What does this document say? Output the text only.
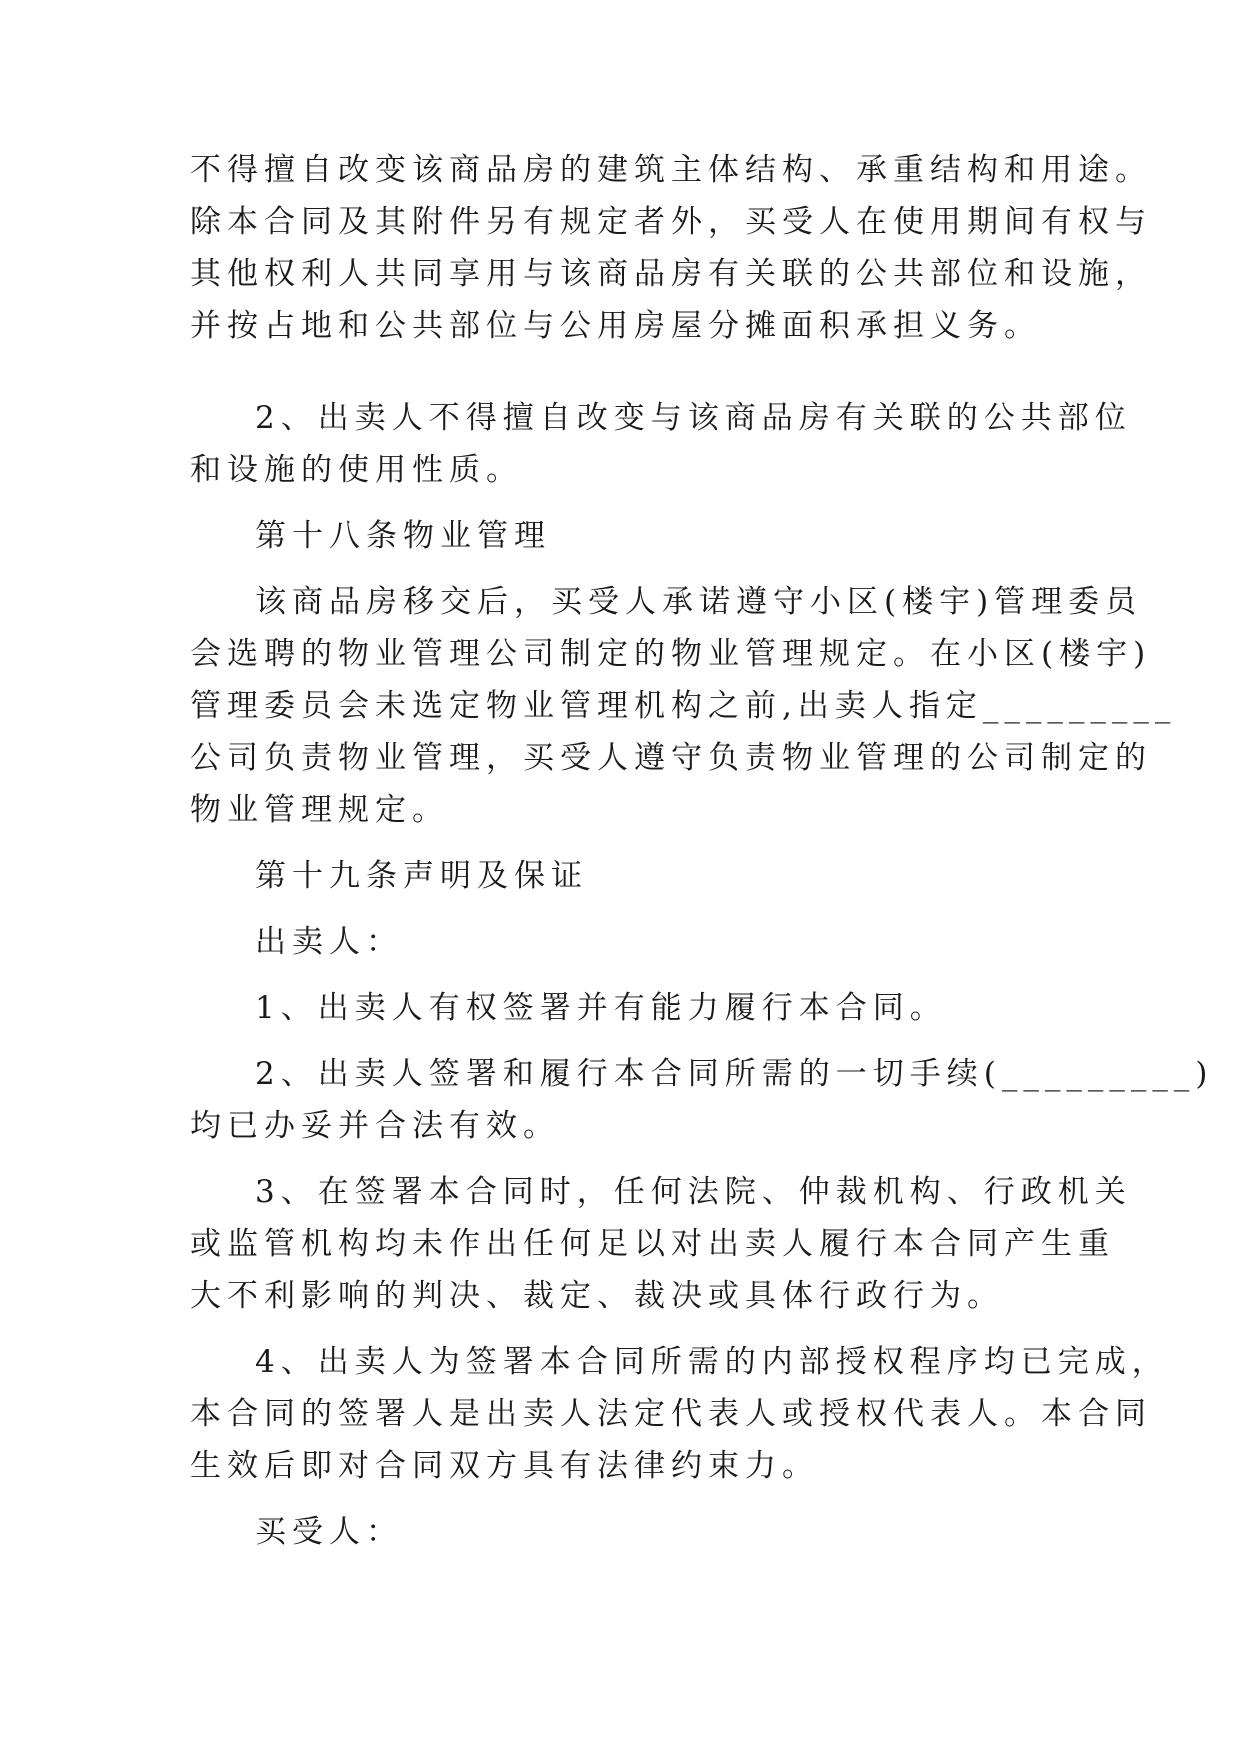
不得擅自改变该商品房的建筑主体结构、承重结构和用途。
除本合同及其附件另有规定者外，买受人在使用期间有权与
其他权利人共同享用与该商品房有关联的公共部位和设施，
并按占地和公共部位与公用房屋分摊面积承担义务。
2、出卖人不得擅自改变与该商品房有关联的公共部位
和设施的使用性质。
第十八条物业管理
该商品房移交后，买受人承诺遵守小区(楼宇)管理委员
会选聘的物业管理公司制定的物业管理规定。在小区(楼宇)
管理委员会未选定物业管理机构之前,出卖人指定_________
公司负责物业管理，买受人遵守负责物业管理的公司制定的
物业管理规定。
第十九条声明及保证
出卖人：
1、出卖人有权签署并有能力履行本合同。
2、出卖人签署和履行本合同所需的一切手续(_________)
均已办妥并合法有效。
3、在签署本合同时，任何法院、仲裁机构、行政机关
或监管机构均未作出任何足以对出卖人履行本合同产生重
大不利影响的判决、裁定、裁决或具体行政行为。
4、出卖人为签署本合同所需的内部授权程序均已完成，
本合同的签署人是出卖人法定代表人或授权代表人。本合同
生效后即对合同双方具有法律约束力。
买受人：
